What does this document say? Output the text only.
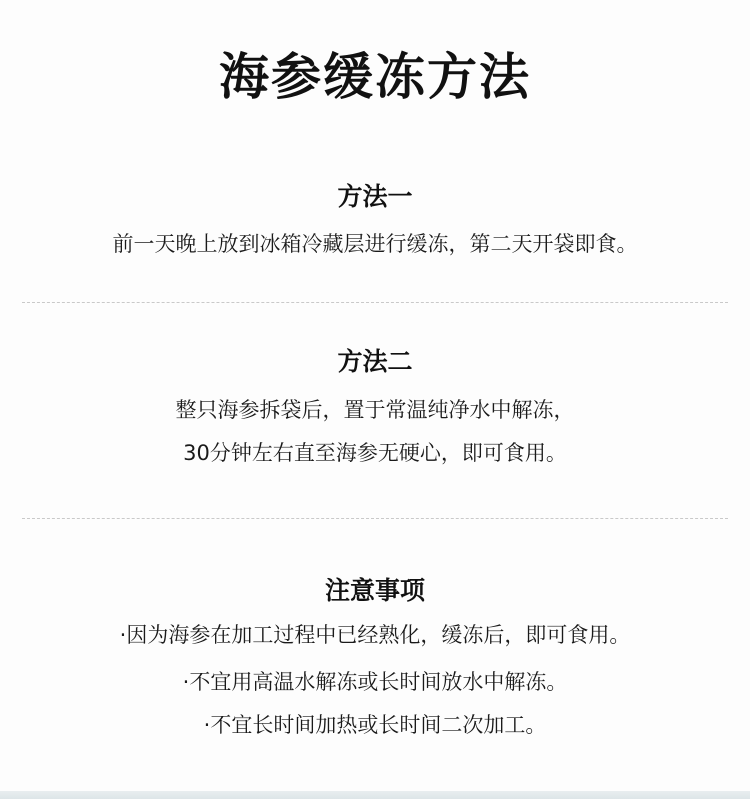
海参缓冻方法
方法一
前一天晚上放到冰箱冷藏层进行缓冻，第二天开袋即食。
方法二
整只海参拆袋后，置于常温纯净水中解冻，
30分钟左右直至海参无硬心，即可食用。
注意事项
·因为海参在加工过程中已经熟化，缓冻后，即可食用。
·不宜用高温水解冻或长时间放水中解冻。
·不宜长时间加热或长时间二次加工。
